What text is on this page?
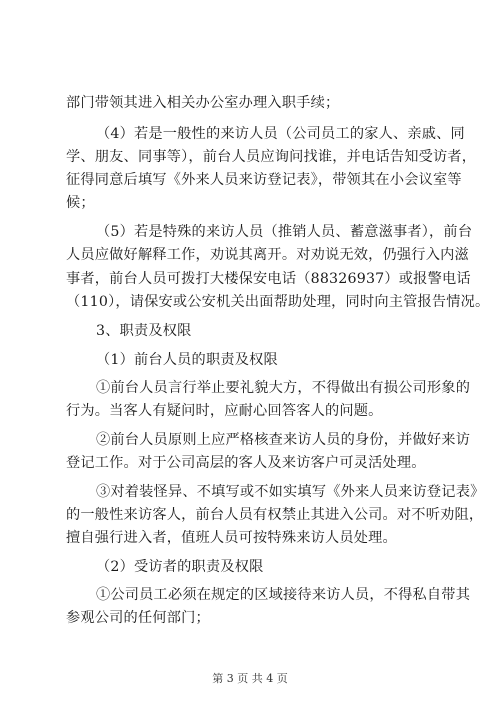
部门带领其进入相关办公室办理入职手续；
（4）若是一般性的来访人员（公司员工的家人、亲戚、同
学、朋友、同事等），前台人员应询问找谁，并电话告知受访者，
征得同意后填写《外来人员来访登记表》，带领其在小会议室等
候；
（5）若是特殊的来访人员（推销人员、蓄意滋事者），前台
人员应做好解释工作，劝说其离开。对劝说无效，仍强行入内滋
事者，前台人员可拨打大楼保安电话（88326937）或报警电话
（110），请保安或公安机关出面帮助处理，同时向主管报告情况。
3、职责及权限
（1）前台人员的职责及权限
①前台人员言行举止要礼貌大方，不得做出有损公司形象的
行为。当客人有疑问时，应耐心回答客人的问题。
②前台人员原则上应严格核查来访人员的身份，并做好来访
登记工作。对于公司高层的客人及来访客户可灵活处理。
③对着装怪异、不填写或不如实填写《外来人员来访登记表》
的一般性来访客人，前台人员有权禁止其进入公司。对不听劝阻，
擅自强行进入者，值班人员可按特殊来访人员处理。
（2）受访者的职责及权限
①公司员工必须在规定的区域接待来访人员，不得私自带其
参观公司的任何部门；
第 3 页 共 4 页
